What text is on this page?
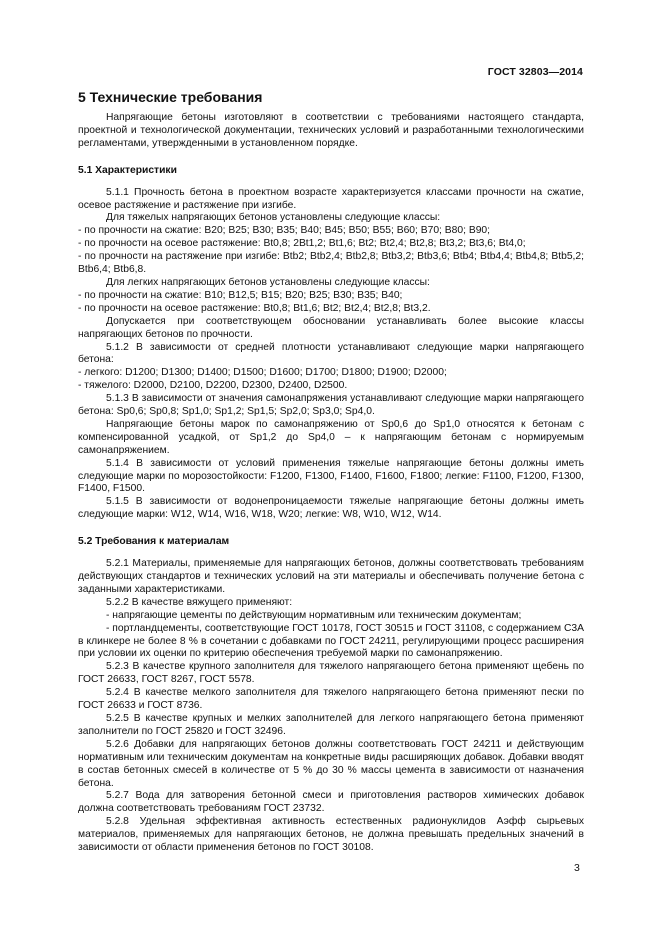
ГОСТ 32803—2014
5 Технические требования

Напрягающие бетоны изготовляют в соответствии с требованиями настоящего стандарта, проектной и технологической документации, технических условий и разработанными технологическими регламентами, утвержденными в установленном порядке.

5.1 Характеристики

5.1.1 Прочность бетона в проектном возрасте характеризуется классами прочности на сжатие, осевое растяжение и растяжение при изгибе.

Для тяжелых напрягающих бетонов установлены следующие классы:

- по прочности на сжатие: B20; B25; B30; B35; B40; B45; B50; B55; B60; B70; B80; B90;

- по прочности на осевое растяжение: Bt0,8; 2Bt1,2; Bt1,6; Bt2; Bt2,4; Bt2,8; Bt3,2; Bt3,6; Bt4,0;

- по прочности на растяжение при изгибе: Btb2; Btb2,4; Btb2,8; Btb3,2; Btb3,6; Btb4; Btb4,4; Btb4,8; Btb5,2; Btb6,4; Btb6,8.

Для легких напрягающих бетонов установлены следующие классы:

- по прочности на сжатие: B10; B12,5; B15; B20; B25; B30; B35; B40;

- по прочности на осевое растяжение: Bt0,8; Bt1,6; Bt2; Bt2,4; Bt2,8; Bt3,2.

Допускается при соответствующем обосновании устанавливать более высокие классы напрягающих бетонов по прочности.

5.1.2 В зависимости от средней плотности устанавливают следующие марки напрягающего бетона:

- легкого: D1200; D1300; D1400; D1500; D1600; D1700; D1800; D1900; D2000;

- тяжелого: D2000, D2100, D2200, D2300, D2400, D2500.

5.1.3 В зависимости от значения самонапряжения устанавливают следующие марки напрягающего бетона: Sp0,6; Sp0,8; Sp1,0; Sp1,2; Sp1,5; Sp2,0; Sp3,0; Sp4,0.

Напрягающие бетоны марок по самонапряжению от Sp0,6 до Sp1,0 относятся к бетонам с компенсированной усадкой, от Sp1,2 до Sp4,0 – к напрягающим бетонам с нормируемым самонапряжением.

5.1.4 В зависимости от условий применения тяжелые напрягающие бетоны должны иметь следующие марки по морозостойкости: F1200, F1300, F1400, F1600, F1800; легкие: F1100, F1200, F1300, F1400, F1500.

5.1.5 В зависимости от водонепроницаемости тяжелые напрягающие бетоны должны иметь следующие марки: W12, W14, W16, W18, W20; легкие: W8, W10, W12, W14.

5.2 Требования к материалам

5.2.1 Материалы, применяемые для напрягающих бетонов, должны соответствовать требованиям действующих стандартов и технических условий на эти материалы и обеспечивать получение бетона с заданными характеристиками.

5.2.2 В качестве вяжущего применяют:

- напрягающие цементы по действующим нормативным или техническим документам;

- портландцементы, соответствующие ГОСТ 10178, ГОСТ 30515 и ГОСТ 31108, с содержанием C3A в клинкере не более 8 % в сочетании с добавками по ГОСТ 24211, регулирующими процесс расширения при условии их оценки по критерию обеспечения требуемой марки по самонапряжению.

5.2.3 В качестве крупного заполнителя для тяжелого напрягающего бетона применяют щебень по ГОСТ 26633, ГОСТ 8267, ГОСТ 5578.

5.2.4 В качестве мелкого заполнителя для тяжелого напрягающего бетона применяют пески по ГОСТ 26633 и ГОСТ 8736.

5.2.5 В качестве крупных и мелких заполнителей для легкого напрягающего бетона применяют заполнители по ГОСТ 25820 и ГОСТ 32496.

5.2.6 Добавки для напрягающих бетонов должны соответствовать ГОСТ 24211 и действующим нормативным или техническим документам на конкретные виды расширяющих добавок. Добавки вводят в состав бетонных смесей в количестве от 5 % до 30 % массы цемента в зависимости от назначения бетона.

5.2.7 Вода для затворения бетонной смеси и приготовления растворов химических добавок должна соответствовать требованиям ГОСТ 23732.

5.2.8 Удельная эффективная активность естественных радионуклидов Аэфф сырьевых материалов, применяемых для напрягающих бетонов, не должна превышать предельных значений в зависимости от области применения бетонов по ГОСТ 30108.

3
